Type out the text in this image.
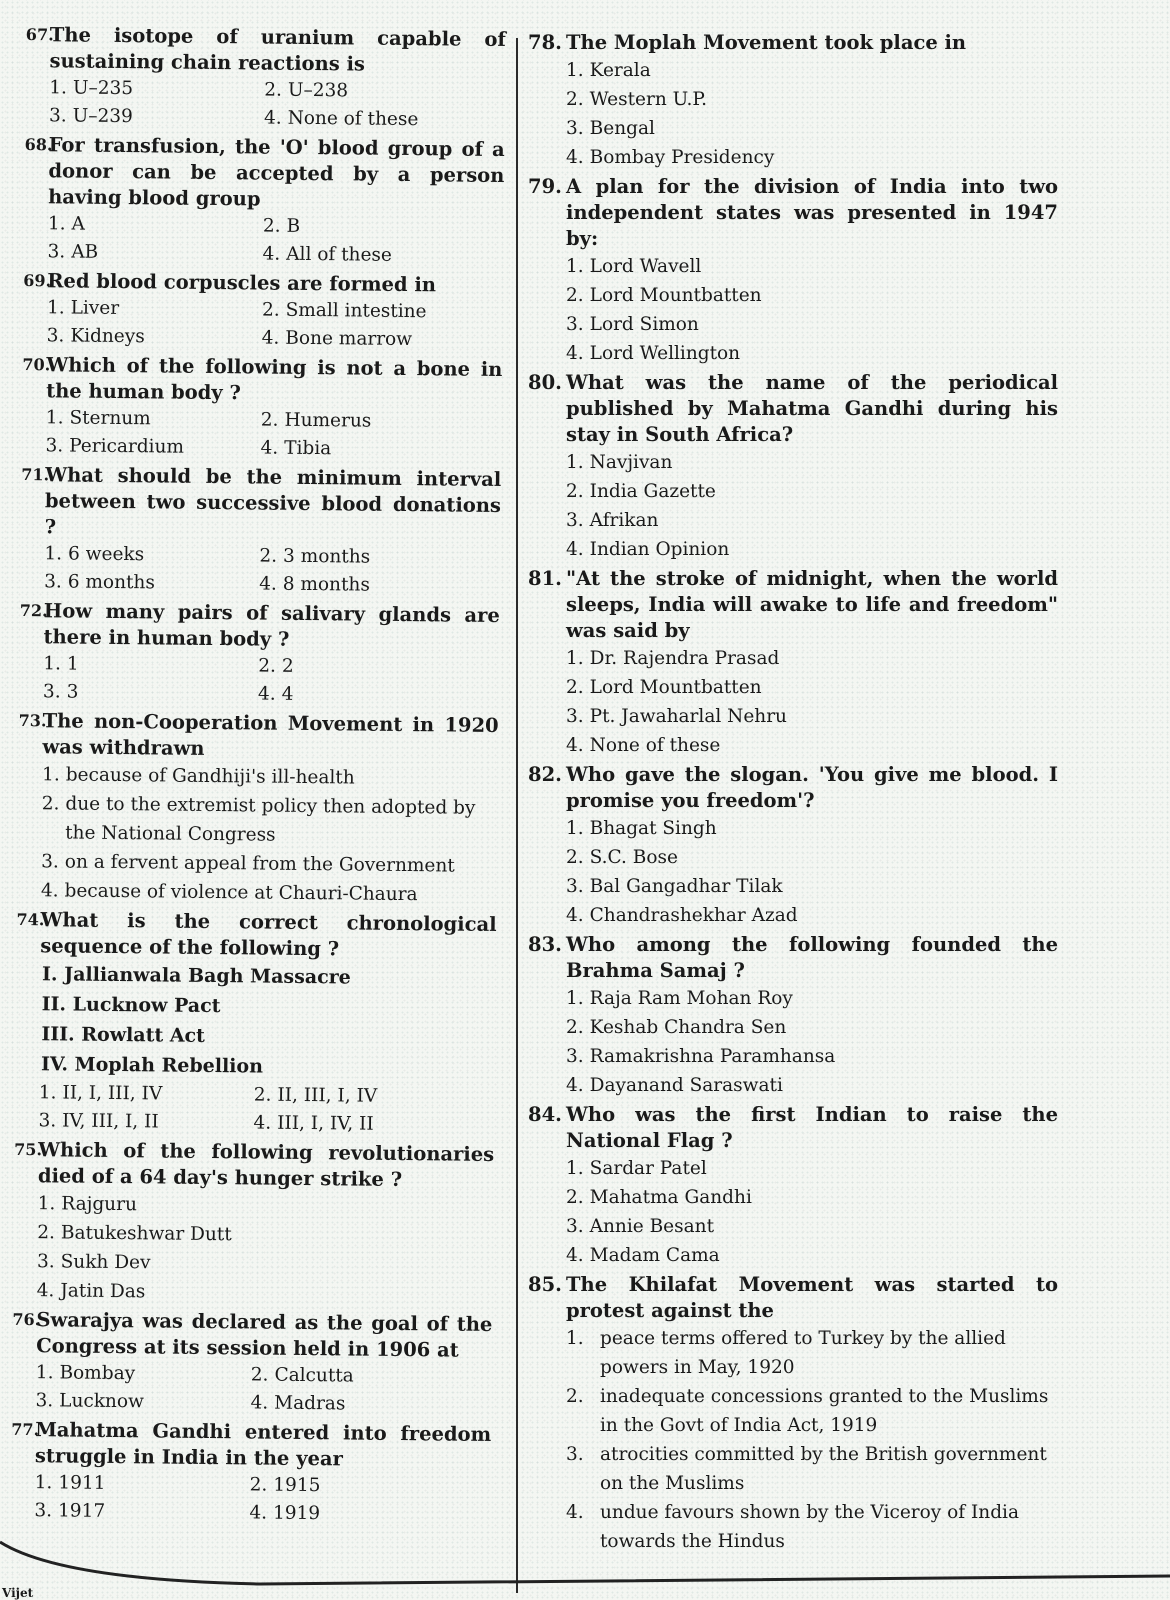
67.
The isotope of uranium capable of sustaining chain reactions is
1. U–235	2. U–238
3. U–239	4. None of these
68.
For transfusion, the 'O' blood group of a donor can be accepted by a person having blood group
1. A	2. B
3. AB	4. All of these
69.
Red blood corpuscles are formed in
1. Liver	2. Small intestine
3. Kidneys	4. Bone marrow
70.
Which of the following is not a bone in the human body ?
1. Sternum	2. Humerus
3. Pericardium	4. Tibia
71.
What should be the minimum interval between two successive blood donations ?
1. 6 weeks	2. 3 months
3. 6 months	4. 8 months
72.
How many pairs of salivary glands are there in human body ?
1. 1	2. 2
3. 3	4. 4
73.
The non-Cooperation Movement in 1920 was withdrawn
1. because of Gandhiji's ill-health
2. due to the extremist policy then adopted by the National Congress
3. on a fervent appeal from the Government
4. because of violence at Chauri-Chaura
74.
What is the correct chronological sequence of the following ?
I. Jallianwala Bagh Massacre
II. Lucknow Pact
III. Rowlatt Act
IV. Moplah Rebellion
1. II, I, III, IV	2. II, III, I, IV
3. IV, III, I, II	4. III, I, IV, II
75.
Which of the following revolutionaries died of a 64 day's hunger strike ?
1. Rajguru
2. Batukeshwar Dutt
3. Sukh Dev
4. Jatin Das
76.
Swarajya was declared as the goal of the Congress at its session held in 1906 at
1. Bombay	2. Calcutta
3. Lucknow	4. Madras
77.
Mahatma Gandhi entered into freedom struggle in India in the year
1. 1911	2. 1915
3. 1917	4. 1919
78. The Moplah Movement took place in
1. Kerala
2. Western U.P.
3. Bengal
4. Bombay Presidency
79. A plan for the division of India into two independent states was presented in 1947 by:
1. Lord Wavell
2. Lord Mountbatten
3. Lord Simon
4. Lord Wellington
80. What was the name of the periodical published by Mahatma Gandhi during his stay in South Africa?
1. Navjivan
2. India Gazette
3. Afrikan
4. Indian Opinion
81. "At the stroke of midnight, when the world sleeps, India will awake to life and freedom" was said by
1. Dr. Rajendra Prasad
2. Lord Mountbatten
3. Pt. Jawaharlal Nehru
4. None of these
82. Who gave the slogan. 'You give me blood. I promise you freedom'?
1. Bhagat Singh
2. S.C. Bose
3. Bal Gangadhar Tilak
4. Chandrashekhar Azad
83. Who among the following founded the Brahma Samaj ?
1. Raja Ram Mohan Roy
2. Keshab Chandra Sen
3. Ramakrishna Paramhansa
4. Dayanand Saraswati
84. Who was the first Indian to raise the National Flag ?
1. Sardar Patel
2. Mahatma Gandhi
3. Annie Besant
4. Madam Cama
85. The Khilafat Movement was started to protest against the
1. peace terms offered to Turkey by the allied powers in May, 1920
2. inadequate concessions granted to the Muslims in the Govt of India Act, 1919
3. atrocities committed by the British government on the Muslims
4. undue favours shown by the Viceroy of India towards the Hindus
Vijet
